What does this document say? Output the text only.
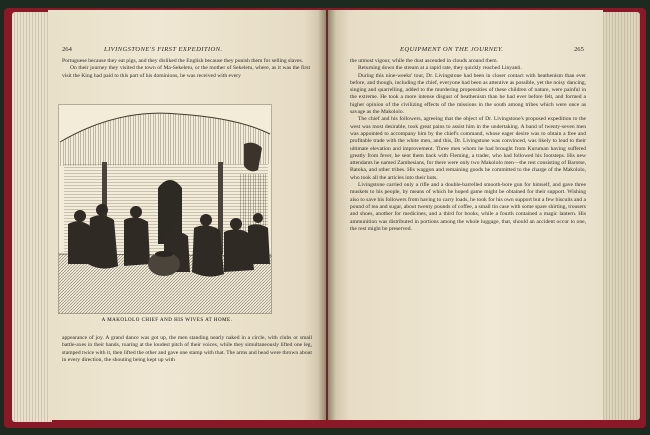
264	LIVINGSTONE'S FIRST EXPEDITION.

Portuguese because they eat pigs, and they disliked the English because they punish them for selling slaves.

On their journey they visited the town of Ma-Sekeletu, or the mother of Sekeletu, where, as it was the first visit the King had paid to this part of his dominions, he was received with every

appearance of joy. A grand dance was got up, the men standing nearly naked in a circle, with clubs or small battle-axes in their hands, roaring at the loudest pitch of their voices, while they simultaneously lifted one leg, stamped twice with it, then lifted the other and gave one stamp with that. The arms and head were thrown about in every direction, the shouting being kept up with

A MAKOLOLO CHIEF AND HIS WIVES AT HOME.
EQUIPMENT ON THE JOURNEY.	265

the utmost vigour, while the dust ascended in clouds around them.

Returning down the stream at a rapid rate, they quickly reached Linyanti.

During this nine-weeks' tour, Dr. Livingstone had been in closer contact with heathenism than ever before, and though, including the chief, everyone had been as attentive as possible, yet the noisy dancing, singing and quarrelling, added to the murdering propensities of these children of nature, were painful in the extreme. He took a more intense disgust of heathenism than he had ever before felt, and formed a higher opinion of the civilizing effects of the missions in the south among tribes which were once as savage as the Makololo.

The chief and his followers, agreeing that the object of Dr. Livingstone's proposed expedition to the west was most desirable, took great pains to assist him in the undertaking. A band of twenty-seven men was appointed to accompany him by the chief's command, whose eager desire was to obtain a free and profitable trade with the white men, and this, Dr. Livingstone was convinced, was likely to lead to their ultimate elevation and improvement. Three men whom he had brought from Kuruman having suffered greatly from fever, he sent them back with Fleming, a trader, who had followed his footsteps. His new attendants he named Zambesians, for there were only two Makololo men—the rest consisting of Barotse, Batoka, and other tribes. His waggon and remaining goods he committed to the charge of the Makololo, who took all the articles into their huts.

Livingstone carried only a rifle and a double-barrelled smooth-bore gun for himself, and gave three muskets to his people, by means of which he hoped game might be obtained for their support. Wishing also to save his followers from having to carry loads, he took for his own support but a few biscuits and a pound of tea and sugar, about twenty pounds of coffee, a small tin case with some spare shirting, trousers and shoes, another for medicines, and a third for books, while a fourth contained a magic lantern. His ammunition was distributed in portions among the whole luggage, that, should an accident occur to one, the rest might be preserved.
